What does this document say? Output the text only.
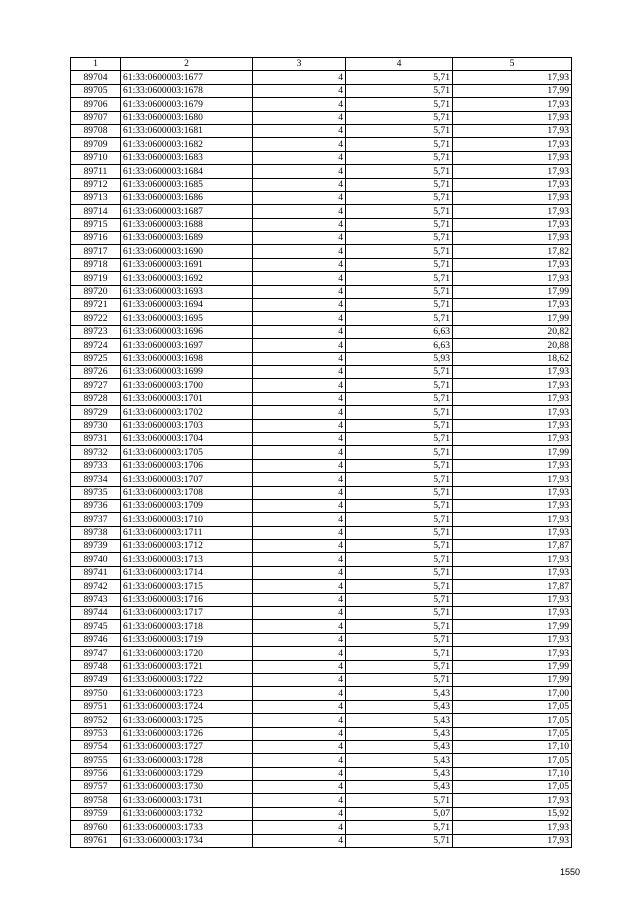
1	2	3	4	5
89704	61:33:0600003:1677	4	5,71	17,93
89705	61:33:0600003:1678	4	5,71	17,99
89706	61:33:0600003:1679	4	5,71	17,93
89707	61:33:0600003:1680	4	5,71	17,93
89708	61:33:0600003:1681	4	5,71	17,93
89709	61:33:0600003:1682	4	5,71	17,93
89710	61:33:0600003:1683	4	5,71	17,93
89711	61:33:0600003:1684	4	5,71	17,93
89712	61:33:0600003:1685	4	5,71	17,93
89713	61:33:0600003:1686	4	5,71	17,93
89714	61:33:0600003:1687	4	5,71	17,93
89715	61:33:0600003:1688	4	5,71	17,93
89716	61:33:0600003:1689	4	5,71	17,93
89717	61:33:0600003:1690	4	5,71	17,82
89718	61:33:0600003:1691	4	5,71	17,93
89719	61:33:0600003:1692	4	5,71	17,93
89720	61:33:0600003:1693	4	5,71	17,99
89721	61:33:0600003:1694	4	5,71	17,93
89722	61:33:0600003:1695	4	5,71	17,99
89723	61:33:0600003:1696	4	6,63	20,82
89724	61:33:0600003:1697	4	6,63	20,88
89725	61:33:0600003:1698	4	5,93	18,62
89726	61:33:0600003:1699	4	5,71	17,93
89727	61:33:0600003:1700	4	5,71	17,93
89728	61:33:0600003:1701	4	5,71	17,93
89729	61:33:0600003:1702	4	5,71	17,93
89730	61:33:0600003:1703	4	5,71	17,93
89731	61:33:0600003:1704	4	5,71	17,93
89732	61:33:0600003:1705	4	5,71	17,99
89733	61:33:0600003:1706	4	5,71	17,93
89734	61:33:0600003:1707	4	5,71	17,93
89735	61:33:0600003:1708	4	5,71	17,93
89736	61:33:0600003:1709	4	5,71	17,93
89737	61:33:0600003:1710	4	5,71	17,93
89738	61:33:0600003:1711	4	5,71	17,93
89739	61:33:0600003:1712	4	5,71	17,87
89740	61:33:0600003:1713	4	5,71	17,93
89741	61:33:0600003:1714	4	5,71	17,93
89742	61:33:0600003:1715	4	5,71	17,87
89743	61:33:0600003:1716	4	5,71	17,93
89744	61:33:0600003:1717	4	5,71	17,93
89745	61:33:0600003:1718	4	5,71	17,99
89746	61:33:0600003:1719	4	5,71	17,93
89747	61:33:0600003:1720	4	5,71	17,93
89748	61:33:0600003:1721	4	5,71	17,99
89749	61:33:0600003:1722	4	5,71	17,99
89750	61:33:0600003:1723	4	5,43	17,00
89751	61:33:0600003:1724	4	5,43	17,05
89752	61:33:0600003:1725	4	5,43	17,05
89753	61:33:0600003:1726	4	5,43	17,05
89754	61:33:0600003:1727	4	5,43	17,10
89755	61:33:0600003:1728	4	5,43	17,05
89756	61:33:0600003:1729	4	5,43	17,10
89757	61:33:0600003:1730	4	5,43	17,05
89758	61:33:0600003:1731	4	5,71	17,93
89759	61:33:0600003:1732	4	5,07	15,92
89760	61:33:0600003:1733	4	5,71	17,93
89761	61:33:0600003:1734	4	5,71	17,93
1550
